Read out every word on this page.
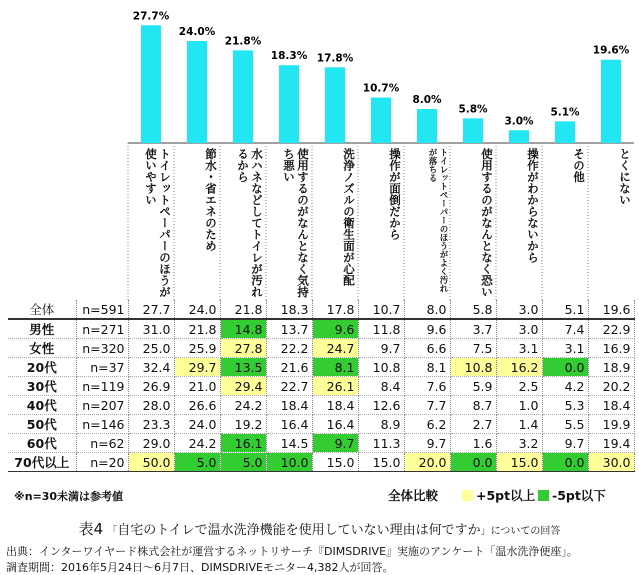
27.7%
24.0%
21.8%
18.3% 17.8%
10.7%
8.0%
5.8%
3.0%
5.1%
19.6%
トイレットペーパーのほうが使いやすい	節水・省エネのため	水ハネなどしてトイレが汚れるから	使用するのがなんとなく気持ち悪い	洗浄ノズルの衛生面が心配	操作が面倒だから	トイレットペーパーのほうがよく汚れが落ちる	使用するのがなんとなく恐い	操作がわからないから	その他	とくにない
全体	n=591	27.7	24.0	21.8	18.3	17.8	10.7	8.0	5.8	3.0	5.1	19.6
男性	n=271	31.0	21.8	14.8	13.7	9.6	11.8	9.6	3.7	3.0	7.4	22.9
女性	n=320	25.0	25.9	27.8	22.2	24.7	9.7	6.6	7.5	3.1	3.1	16.9
20代	n=37	32.4	29.7	13.5	21.6	8.1	10.8	8.1	10.8	16.2	0.0	18.9
30代	n=119	26.9	21.0	29.4	22.7	26.1	8.4	7.6	5.9	2.5	4.2	20.2
40代	n=207	28.0	26.6	24.2	18.4	18.4	12.6	7.7	8.7	1.0	5.3	18.4
50代	n=146	23.3	24.0	19.2	16.4	16.4	8.9	6.2	2.7	1.4	5.5	19.9
60代	n=62	29.0	24.2	16.1	14.5	9.7	11.3	9.7	1.6	3.2	9.7	19.4
70代以上	n=20	50.0	5.0	5.0	10.0	15.0	15.0	20.0	0.0	15.0	0.0	30.0
※n=30未満は参考値	全体比較	+5pt以上	-5pt以下
表4 「自宅のトイレで温水洗浄機能を使用していない理由は何ですか」についての回答
出典：インターワイヤード株式会社が運営するネットリサーチ『DIMSDRIVE』実施のアンケート「温水洗浄便座」。
調査期間：2016年5月24日～6月7日、DIMSDRIVEモニター4,382人が回答。
